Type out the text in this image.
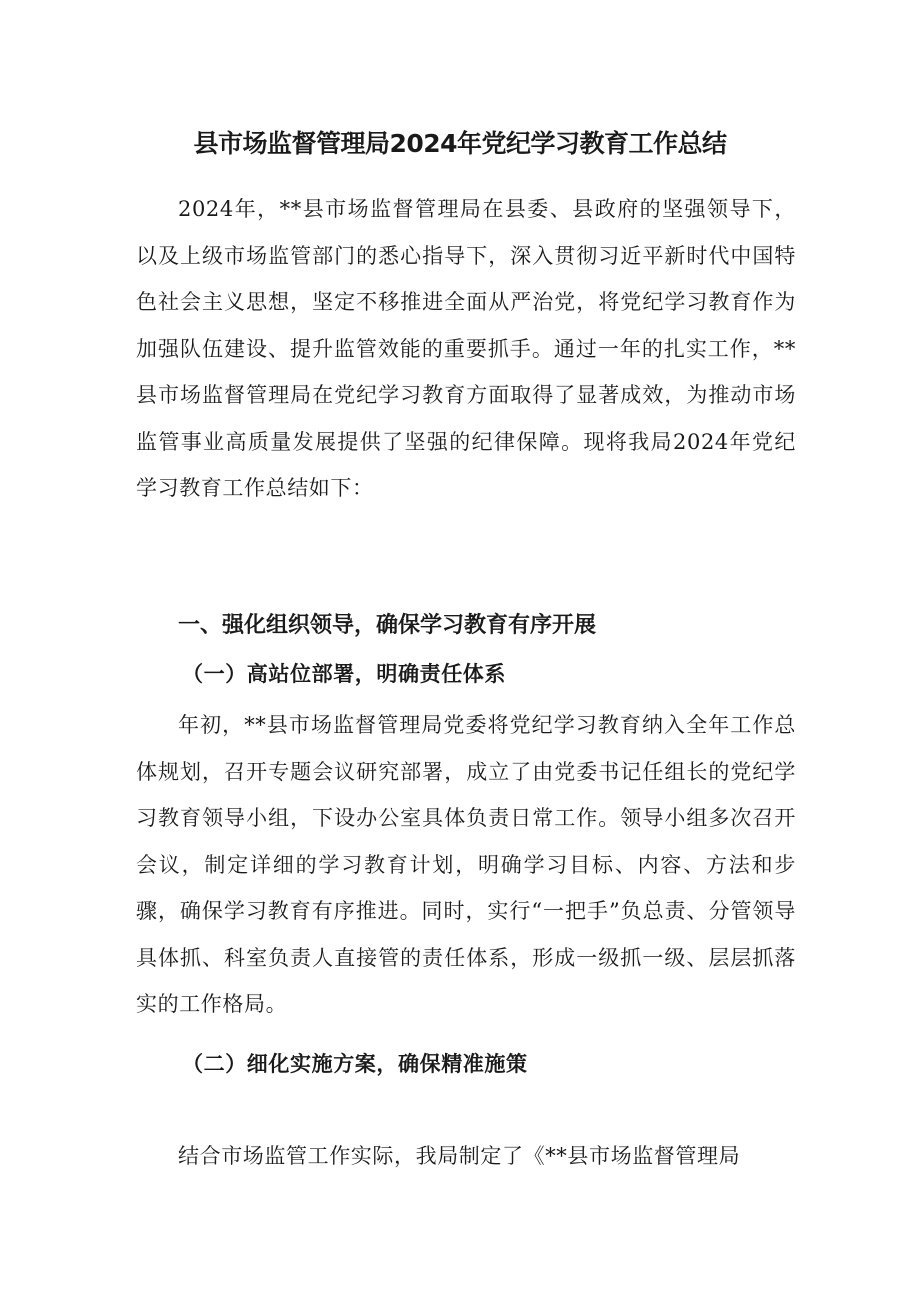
县市场监督管理局2024年党纪学习教育工作总结

2024年，**县市场监督管理局在县委、县政府的坚强领导下，以及上级市场监管部门的悉心指导下，深入贯彻习近平新时代中国特色社会主义思想，坚定不移推进全面从严治党，将党纪学习教育作为加强队伍建设、提升监管效能的重要抓手。通过一年的扎实工作，**县市场监督管理局在党纪学习教育方面取得了显著成效，为推动市场监管事业高质量发展提供了坚强的纪律保障。现将我局2024年党纪学习教育工作总结如下：

一、强化组织领导，确保学习教育有序开展
（一）高站位部署，明确责任体系

年初，**县市场监督管理局党委将党纪学习教育纳入全年工作总体规划，召开专题会议研究部署，成立了由党委书记任组长的党纪学习教育领导小组，下设办公室具体负责日常工作。领导小组多次召开会议，制定详细的学习教育计划，明确学习目标、内容、方法和步骤，确保学习教育有序推进。同时，实行“一把手”负总责、分管领导具体抓、科室负责人直接管的责任体系，形成一级抓一级、层层抓落实的工作格局。

（二）细化实施方案，确保精准施策

结合市场监管工作实际，我局制定了《**县市场监督管理局
